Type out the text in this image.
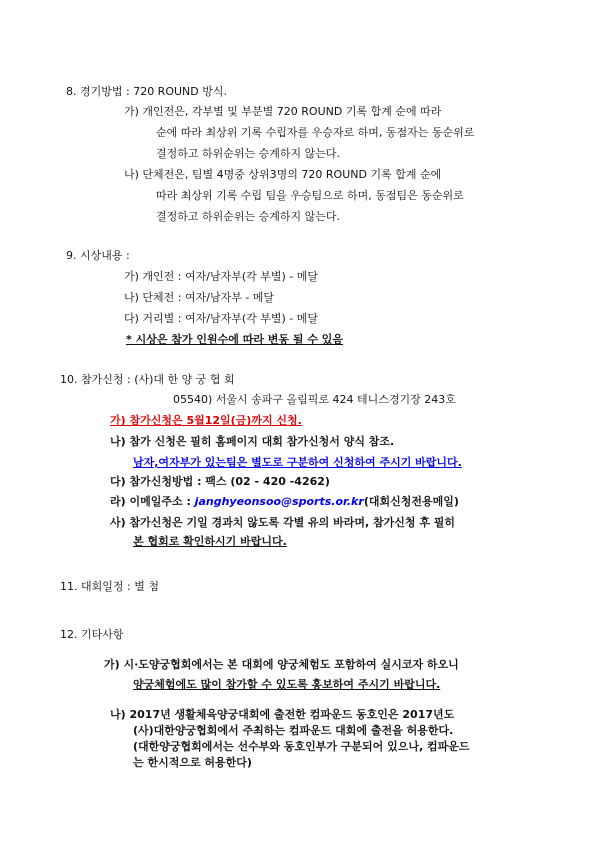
8. 경기방법 : 720 ROUND 방식.
가) 개인전은, 각부별 및 부분별 720 ROUND 기록 합계 순에 따라
순에 따라 최상위 기록 수립자를 우승자로 하며, 동점자는 동순위로
결정하고 하위순위는 승계하지 않는다.
나) 단체전은, 팀별 4명중 상위3명의 720 ROUND 기록 합계 순에
따라 최상위 기록 수립 팀을 우승팀으로 하며, 동점팀은 동순위로
결정하고 하위순위는 승계하지 않는다.
9. 시상내용 :
가) 개인전 : 여자/남자부(각 부별) - 메달
나) 단체전 : 여자/남자부 - 메달
다) 거리별 : 여자/남자부(각 부별) - 메달
* 시상은 참가 인원수에 따라 변동 될 수 있음
10. 참가신청 : (사)대 한 양 궁 협 회
05540) 서울시 송파구 올림픽로 424 테니스경기장 243호
가) 참가신청은 5월12일(금)까지 신청.
나) 참가 신청은 필히 홈페이지 대회 참가신청서 양식 참조.
남자,여자부가 있는팀은 별도로 구분하여 신청하여 주시기 바랍니다.
다) 참가신청방법 : 팩스 (02 - 420 -4262)
라) 이메일주소 : janghyeonsoo@sports.or.kr(대회신청전용메일)
사) 참가신청은 기일 경과치 않도록 각별 유의 바라며, 참가신청 후 필히
본 협회로 확인하시기 바랍니다.
11. 대회일정 : 별 첨
12. 기타사항
가) 시·도양궁협회에서는 본 대회에 양궁체험도 포함하여 실시코자 하오니
양궁체험에도 많이 참가할 수 있도록 홍보하여 주시기 바랍니다.
나) 2017년 생활체육양궁대회에 출전한 컴파운드 동호인은 2017년도
(사)대한양궁협회에서 주최하는 컴파운드 대회에 출전을 허용한다.
(대한양궁협회에서는 선수부와 동호인부가 구분되어 있으나, 컴파운드
는 한시적으로 허용한다)
